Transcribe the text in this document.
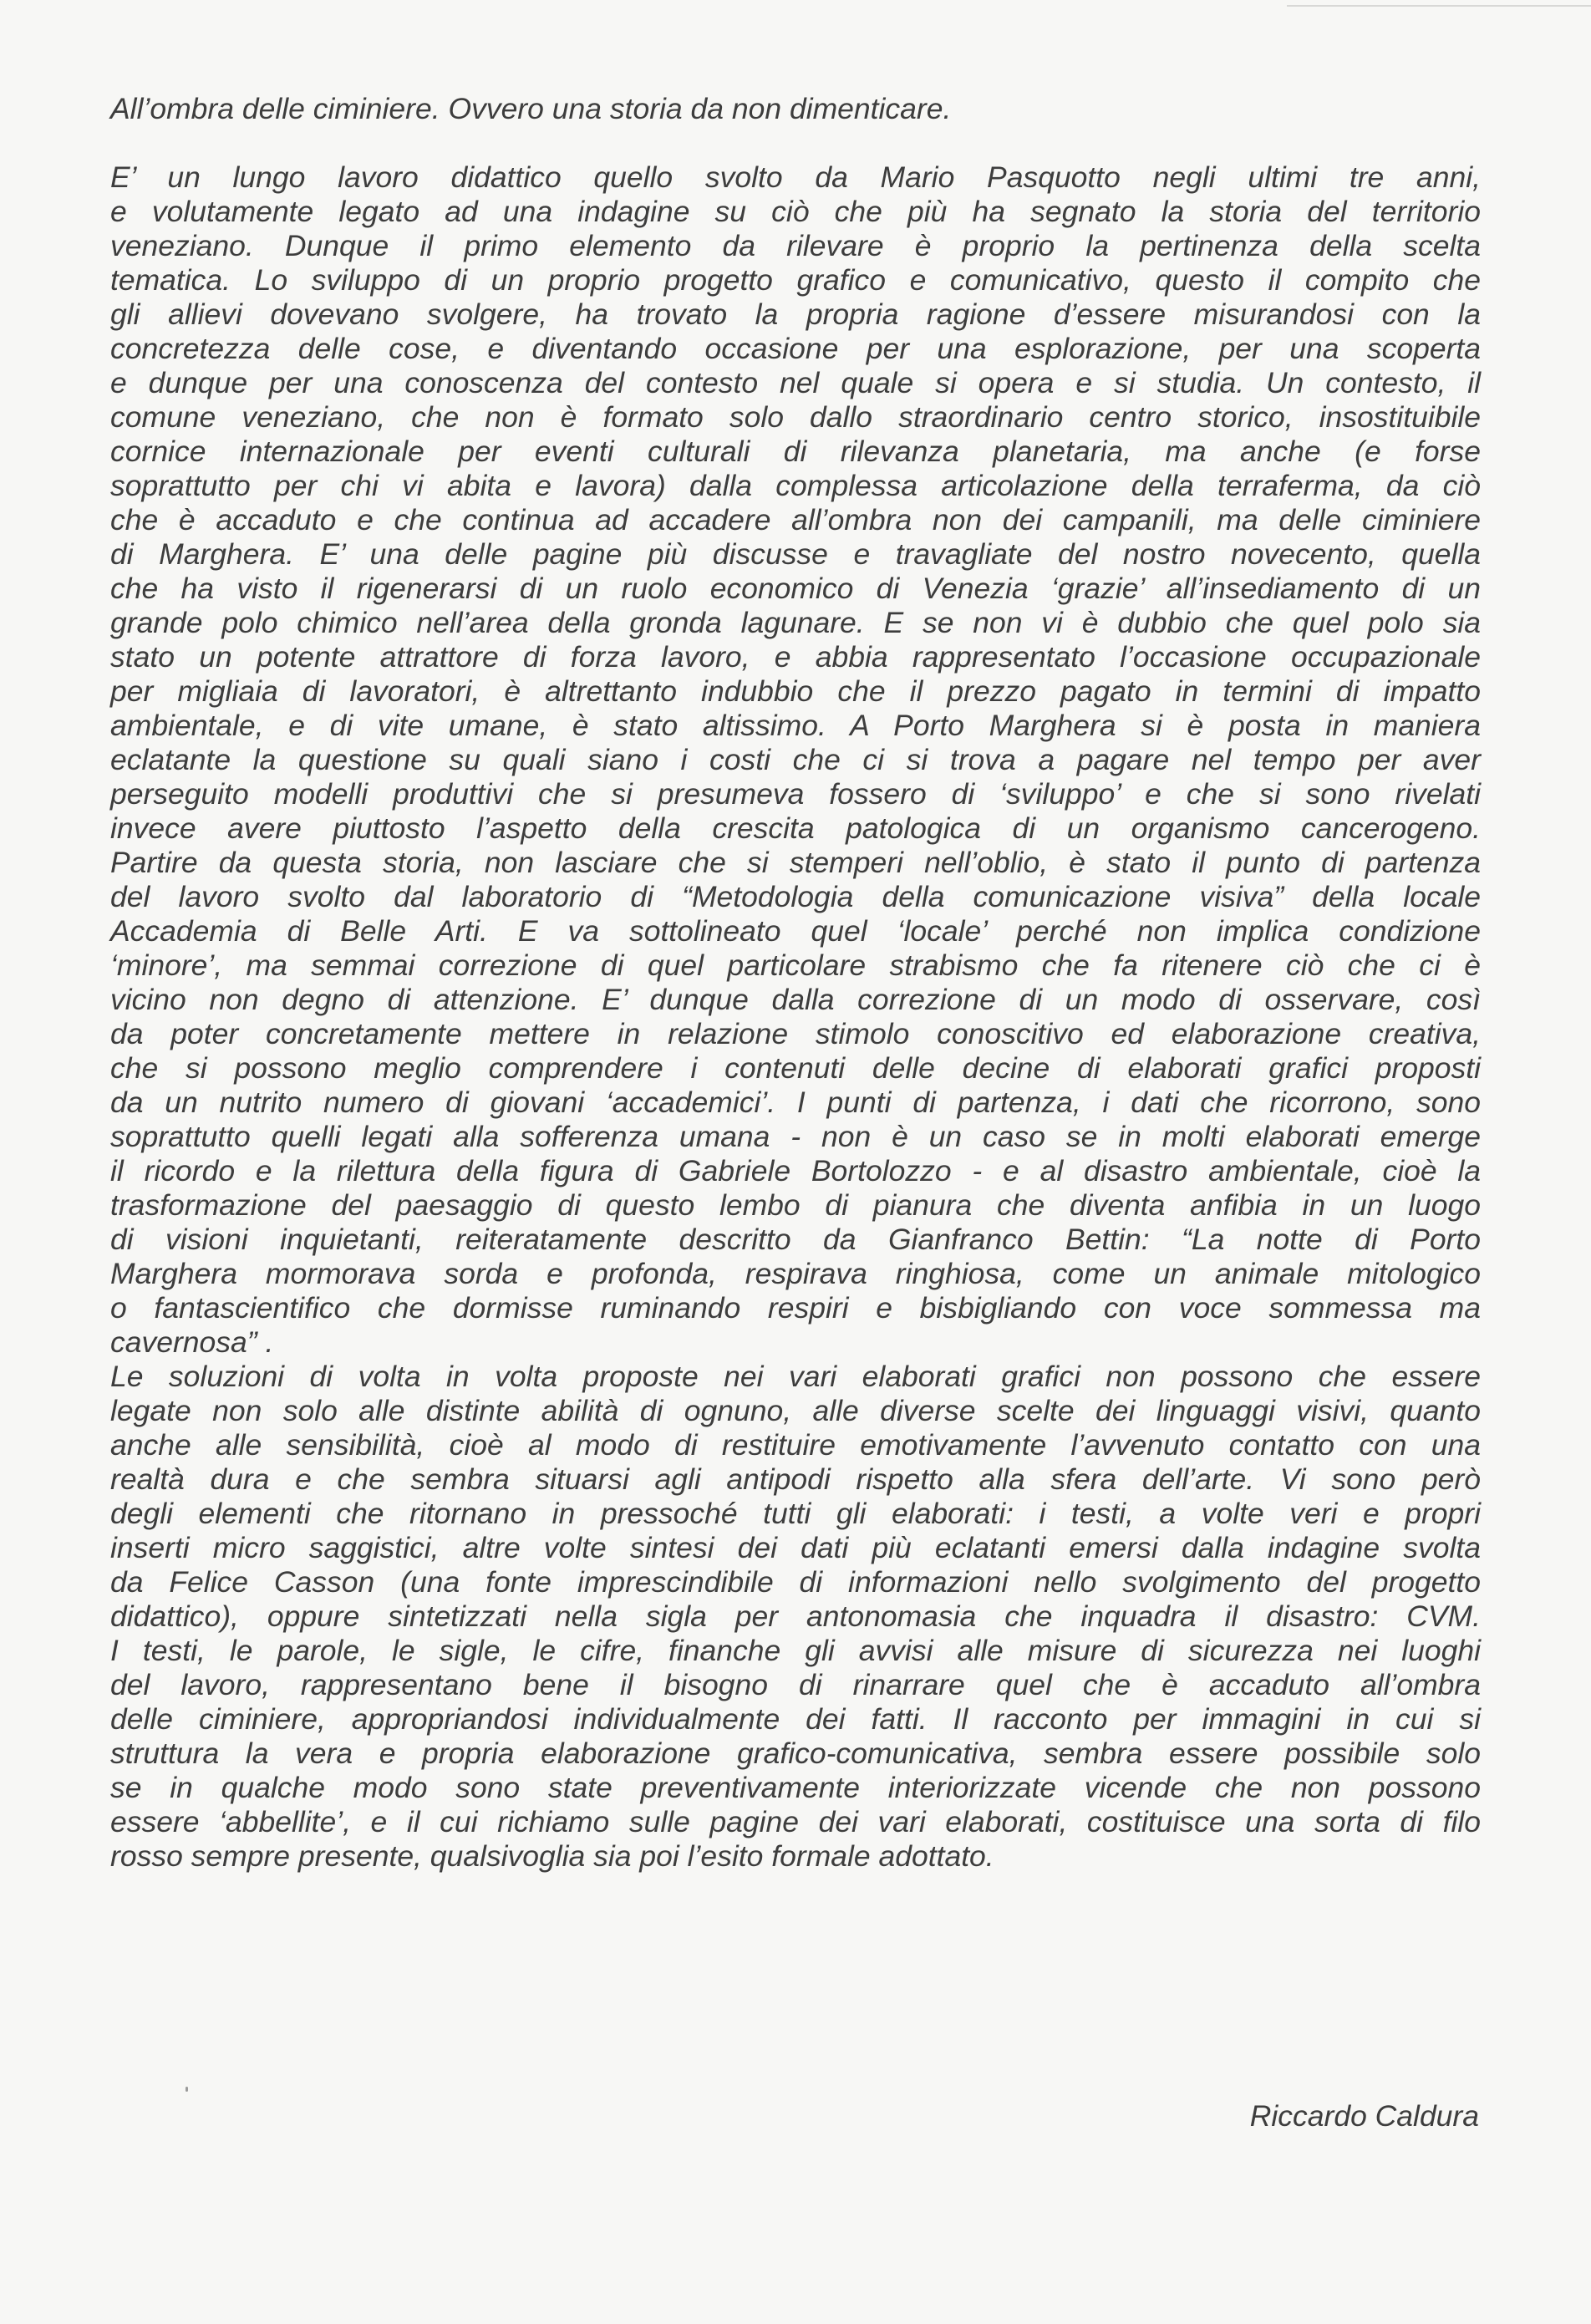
All’ombra delle ciminiere. Ovvero una storia da non dimenticare.
E’ un lungo lavoro didattico quello svolto da Mario Pasquotto negli ultimi tre anni,
e volutamente legato ad una indagine su ciò che più ha segnato la storia del territorio
veneziano. Dunque il primo elemento da rilevare è proprio la pertinenza della scelta
tematica. Lo sviluppo di un proprio progetto grafico e comunicativo, questo il compito che
gli allievi dovevano svolgere, ha trovato la propria ragione d’essere misurandosi con la
concretezza delle cose, e diventando occasione per una esplorazione, per una scoperta
e dunque per una conoscenza del contesto nel quale si opera e si studia. Un contesto, il
comune veneziano, che non è formato solo dallo straordinario centro storico, insostituibile
cornice internazionale per eventi culturali di rilevanza planetaria, ma anche (e forse
soprattutto per chi vi abita e lavora) dalla complessa articolazione della terraferma, da ciò
che è accaduto e che continua ad accadere all’ombra non dei campanili, ma delle ciminiere
di Marghera. E’ una delle pagine più discusse e travagliate del nostro novecento, quella
che ha visto il rigenerarsi di un ruolo economico di Venezia ‘grazie’ all’insediamento di un
grande polo chimico nell’area della gronda lagunare. E se non vi è dubbio che quel polo sia
stato un potente attrattore di forza lavoro, e abbia rappresentato l’occasione occupazionale
per migliaia di lavoratori, è altrettanto indubbio che il prezzo pagato in termini di impatto
ambientale, e di vite umane, è stato altissimo. A Porto Marghera si è posta in maniera
eclatante la questione su quali siano i costi che ci si trova a pagare nel tempo per aver
perseguito modelli produttivi che si presumeva fossero di ‘sviluppo’ e che si sono rivelati
invece avere piuttosto l’aspetto della crescita patologica di un organismo cancerogeno.
Partire da questa storia, non lasciare che si stemperi nell’oblio, è stato il punto di partenza
del lavoro svolto dal laboratorio di “Metodologia della comunicazione visiva” della locale
Accademia di Belle Arti. E va sottolineato quel ‘locale’ perché non implica condizione
‘minore’, ma semmai correzione di quel particolare strabismo che fa ritenere ciò che ci è
vicino non degno di attenzione. E’ dunque dalla correzione di un modo di osservare, così
da poter concretamente mettere in relazione stimolo conoscitivo ed elaborazione creativa,
che si possono meglio comprendere i contenuti delle decine di elaborati grafici proposti
da un nutrito numero di giovani ‘accademici’. I punti di partenza, i dati che ricorrono, sono
soprattutto quelli legati alla sofferenza umana - non è un caso se in molti elaborati emerge
il ricordo e la rilettura della figura di Gabriele Bortolozzo - e al disastro ambientale, cioè la
trasformazione del paesaggio di questo lembo di pianura che diventa anfibia in un luogo
di visioni inquietanti, reiteratamente descritto da Gianfranco Bettin: “La notte di Porto
Marghera mormorava sorda e profonda, respirava ringhiosa, come un animale mitologico
o fantascientifico che dormisse ruminando respiri e bisbigliando con voce sommessa ma
cavernosa” .
Le soluzioni di volta in volta proposte nei vari elaborati grafici non possono che essere
legate non solo alle distinte abilità di ognuno, alle diverse scelte dei linguaggi visivi, quanto
anche alle sensibilità, cioè al modo di restituire emotivamente l’avvenuto contatto con una
realtà dura e che sembra situarsi agli antipodi rispetto alla sfera dell’arte. Vi sono però
degli elementi che ritornano in pressoché tutti gli elaborati: i testi, a volte veri e propri
inserti micro saggistici, altre volte sintesi dei dati più eclatanti emersi dalla indagine svolta
da Felice Casson (una fonte imprescindibile di informazioni nello svolgimento del progetto
didattico), oppure sintetizzati nella sigla per antonomasia che inquadra il disastro: CVM.
I testi, le parole, le sigle, le cifre, finanche gli avvisi alle misure di sicurezza nei luoghi
del lavoro, rappresentano bene il bisogno di rinarrare quel che è accaduto all’ombra
delle ciminiere, appropriandosi individualmente dei fatti. Il racconto per immagini in cui si
struttura la vera e propria elaborazione grafico-comunicativa, sembra essere possibile solo
se in qualche modo sono state preventivamente interiorizzate vicende che non possono
essere ‘abbellite’, e il cui richiamo sulle pagine dei vari elaborati, costituisce una sorta di filo
rosso sempre presente, qualsivoglia sia poi l’esito formale adottato.
Riccardo Caldura
